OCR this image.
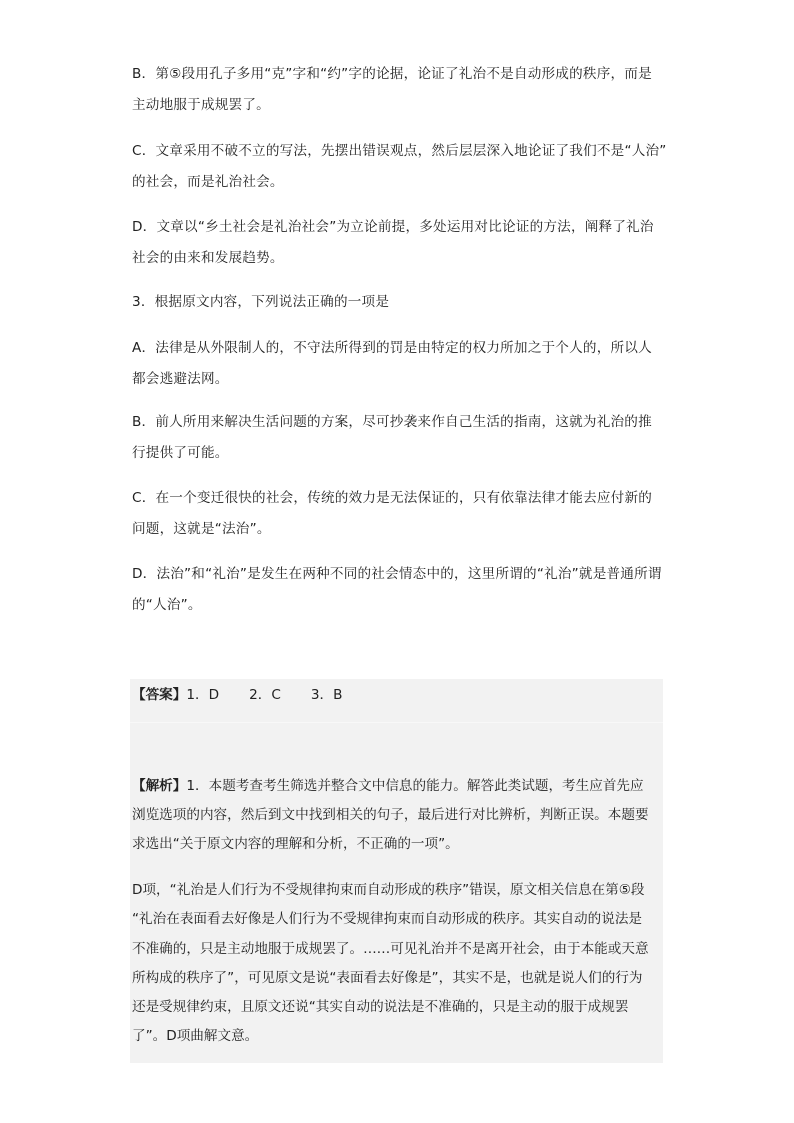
B．第⑤段用孔子多用“克”字和“约”字的论据，论证了礼治不是自动形成的秩序，而是
主动地服于成规罢了。

C．文章采用不破不立的写法，先摆出错误观点，然后层层深入地论证了我们不是“人治”
的社会，而是礼治社会。

D．文章以“乡土社会是礼治社会”为立论前提，多处运用对比论证的方法，阐释了礼治
社会的由来和发展趋势。

3．根据原文内容，下列说法正确的一项是

A．法律是从外限制人的，不守法所得到的罚是由特定的权力所加之于个人的，所以人
都会逃避法网。

B．前人所用来解决生活问题的方案，尽可抄袭来作自己生活的指南，这就为礼治的推
行提供了可能。

C．在一个变迁很快的社会，传统的效力是无法保证的，只有依靠法律才能去应付新的
问题，这就是“法治”。

D．法治”和“礼治”是发生在两种不同的社会情态中的，这里所谓的“礼治”就是普通所谓
的“人治”。

【答案】1．D 2．C 3．B
【解析】1．本题考查考生筛选并整合文中信息的能力。解答此类试题，考生应首先应
浏览选项的内容，然后到文中找到相关的句子，最后进行对比辨析，判断正误。本题要
求选出“关于原文内容的理解和分析，不正确的一项”。
D项，“礼治是人们行为不受规律拘束而自动形成的秩序”错误，原文相关信息在第⑤段
“礼治在表面看去好像是人们行为不受规律拘束而自动形成的秩序。其实自动的说法是
不准确的，只是主动地服于成规罢了。……可见礼治并不是离开社会，由于本能或天意
所构成的秩序了”，可见原文是说“表面看去好像是”，其实不是，也就是说人们的行为
还是受规律约束，且原文还说“其实自动的说法是不准确的，只是主动的服于成规罢
了”。D项曲解文意。
